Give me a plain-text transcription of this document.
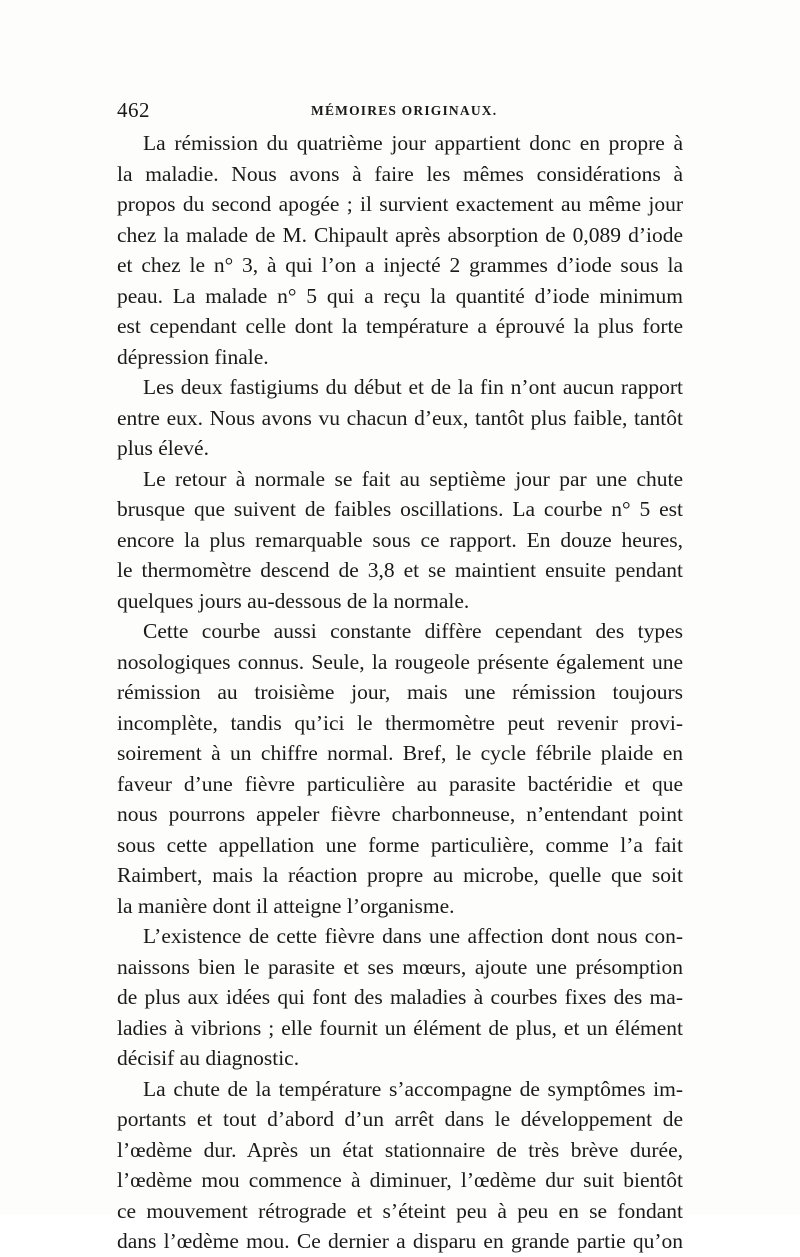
462	MÉMOIRES ORIGINAUX.
La rémission du quatrième jour appartient donc en propre à
la maladie. Nous avons à faire les mêmes considérations à
propos du second apogée ; il survient exactement au même jour
chez la malade de M. Chipault après absorption de 0,089 d’iode
et chez le n° 3, à qui l’on a injecté 2 grammes d’iode sous la
peau. La malade n° 5 qui a reçu la quantité d’iode minimum
est cependant celle dont la température a éprouvé la plus forte
dépression finale.
Les deux fastigiums du début et de la fin n’ont aucun rapport
entre eux. Nous avons vu chacun d’eux, tantôt plus faible, tantôt
plus élevé.
Le retour à normale se fait au septième jour par une chute
brusque que suivent de faibles oscillations. La courbe n° 5 est
encore la plus remarquable sous ce rapport. En douze heures,
le thermomètre descend de 3,8 et se maintient ensuite pendant
quelques jours au-dessous de la normale.
Cette courbe aussi constante diffère cependant des types
nosologiques connus. Seule, la rougeole présente également une
rémission au troisième jour, mais une rémission toujours
incomplète, tandis qu’ici le thermomètre peut revenir provi-
soirement à un chiffre normal. Bref, le cycle fébrile plaide en
faveur d’une fièvre particulière au parasite bactéridie et que
nous pourrons appeler fièvre charbonneuse, n’entendant point
sous cette appellation une forme particulière, comme l’a fait
Raimbert, mais la réaction propre au microbe, quelle que soit
la manière dont il atteigne l’organisme.
L’existence de cette fièvre dans une affection dont nous con-
naissons bien le parasite et ses mœurs, ajoute une présomption
de plus aux idées qui font des maladies à courbes fixes des ma-
ladies à vibrions ; elle fournit un élément de plus, et un élément
décisif au diagnostic.
La chute de la température s’accompagne de symptômes im-
portants et tout d’abord d’un arrêt dans le développement de
l’œdème dur. Après un état stationnaire de très brève durée,
l’œdème mou commence à diminuer, l’œdème dur suit bientôt
ce mouvement rétrograde et s’éteint peu à peu en se fondant
dans l’œdème mou. Ce dernier a disparu en grande partie qu’on
